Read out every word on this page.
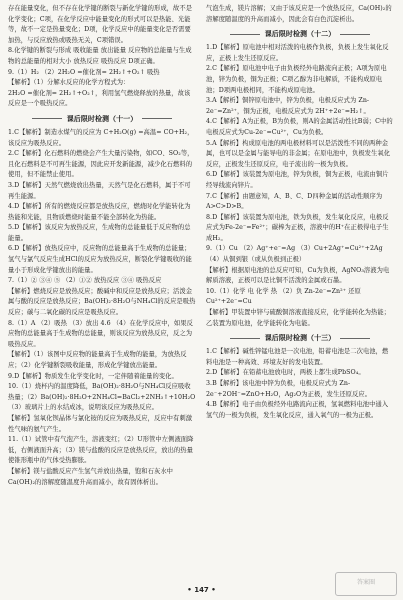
存在能量变化，但不存在化学键的断裂与新化学键的形成，故不是化学变化；C项，在化学反应中能量变化的形式可以是热能、光能等，故不一定是热量变化；D项，化学反应中的能量变化是否需要加热，与反应放热或吸热无关，C项错误。

8.化学键的断裂与形成 吸收能量 放出能量 反应物的总能量与生成物的总能量的相对大小 放热反应 吸热反应 D项正确。

9.（1）H₂ （2）2H₂O =催化剂= 2H₂↑+O₂↑ 吸热

【解析】（1）分解水反应的化学方程式为：

2H₂O =催化剂= 2H₂↑+O₂↑，利用氢气燃烧释放的热量，故该反应是一个吸热反应。

课后限时检测（十一）

1.C【解析】制造水煤气的反应为 C+H₂O(g) =高温= CO+H₂，该反应为吸热反应。

2.C【解析】化石燃料的燃烧会产生大量污染物，如CO、SO₂等，且化石燃料是不可再生能源，因此应开发新能源，减少化石燃料的使用，但不能禁止使用。

3.D【解析】天然气燃烧放出热量，天然气是化石燃料，属于不可再生能源。

4.D【解析】所有的燃烧反应都是放热反应，燃烧时化学能转化为热能和光能，且物质燃烧时能量不能全部转化为热能。

5.D【解析】该反应为放热反应，生成物的总能量低于反应物的总能量。

6.D【解析】放热反应中，反应物的总能量高于生成物的总能量；氢气与氯气反应生成HCl的反应为放热反应，断裂化学键吸收的能量小于形成化学键放出的能量。

7.（1）② ③④ ⑤ （2）①② 放热反应 ③④ 吸热反应

【解析】燃烧反应是放热反应；酸碱中和反应是放热反应；活泼金属与酸的反应是放热反应；Ba(OH)₂·8H₂O与NH₄Cl的反应是吸热反应；碳与二氧化碳的反应是吸热反应。

8.（1）A （2）吸热 （3）放出 4.6 （4）在化学反应中，如果反应物的总能量高于生成物的总能量，则该反应为放热反应，反之为吸热反应。

【解析】（1）该图中反应物的能量高于生成物的能量，为放热反应；（2）化学键断裂吸收能量，形成化学键放出能量。

9.D【解析】物质发生化学变化时，一定伴随着能量的变化。

10.（1）烧杯内的温度降低，Ba(OH)₂·8H₂O与NH₄Cl反应吸收热量；（2）Ba(OH)₂·8H₂O+2NH₄Cl=BaCl₂+2NH₃↑+10H₂O （3）玻璃片上的水结成冰，说明该反应为吸热反应。

【解析】氢氧化钡晶体与氯化铵的反应为吸热反应，反应中有刺激性气味的氨气产生。

11.（1）试管中有气泡产生，溶液变红；（2）U形管中左侧液面降低，右侧液面升高；（3）镁与盐酸的反应是放热反应，放出的热量使锥形瓶中的气体受热膨胀。

【解析】镁与盐酸反应产生氢气并放出热量，饱和石灰水中Ca(OH)₂的溶解度随温度升高而减小，故有固体析出。

气泡生成，镁片溶解；又由于该反应是一个放热反应，Ca(OH)₂的溶解度随温度的升高而减小，因此会有白色沉淀析出。

课后限时检测（十二）

1.D【解析】原电池中相对活泼的电极作负极，负极上发生氧化反应，正极上发生还原反应。

2.C【解析】原电池中电子由负极经外电路流向正极；A项为原电池，锌为负极，铜为正极；C项乙醇为非电解质，不能构成原电池；D项两电极相同，不能构成原电池。

3.A【解析】铜锌原电池中，锌为负极，电极反应式为 Zn-2e⁻=Zn²⁺，铜为正极，电极反应式为 2H⁺+2e⁻=H₂↑。

4.C【解析】A为正极，B为负极，则A的金属活动性比B弱；C中的电极反应式为Cu-2e⁻=Cu²⁺，Cu为负极。

5.A【解析】构成原电池的两电极材料可以是活泼性不同的两种金属，也可以是金属与能导电的非金属；在原电池中，负极发生氧化反应，正极发生还原反应，电子流出的一极为负极。

6.D【解析】该装置为原电池，锌为负极，铜为正极，电流由铜片经导线流向锌片。

7.C【解析】由题意知，A、B、C、D四种金属的活动性顺序为A>C>D>B。

8.D【解析】该装置为原电池，铁为负极，发生氧化反应，电极反应式为Fe-2e⁻=Fe²⁺；碳棒为正极，溶液中的H⁺在正极得电子生成H₂。

9.（1）Cu （2）Ag⁺+e⁻=Ag （3）Cu+2Ag⁺=Cu²⁺+2Ag

（4）从铜到银（或从负极到正极）

【解析】根据原电池的总反应可知，Cu为负极，AgNO₃溶液为电解质溶液，正极可以是比铜不活泼的金属或石墨。

10.（1）化学 电 化学 热 （2）负 Zn-2e⁻=Zn²⁺ 还原 Cu²⁺+2e⁻=Cu

【解析】甲装置中锌与硫酸铜溶液直接反应，化学能转化为热能；乙装置为原电池，化学能转化为电能。

课后限时检测（十三）

1.C【解析】碱性锌锰电池是一次电池，铅蓄电池是二次电池，燃料电池是一种高效、环境友好的发电装置。

2.D【解析】在铅蓄电池放电时，两极上都生成PbSO₄。

3.B【解析】该电池中锌为负极，电极反应式为 Zn-2e⁻+2OH⁻=ZnO+H₂O，Ag₂O为正极，发生还原反应。

4.B【解析】电子由负极经外电路流向正极，氢氧燃料电池中通入氢气的一极为负极，发生氧化反应，通入氧气的一极为正极。

• 147 •
答案圈
